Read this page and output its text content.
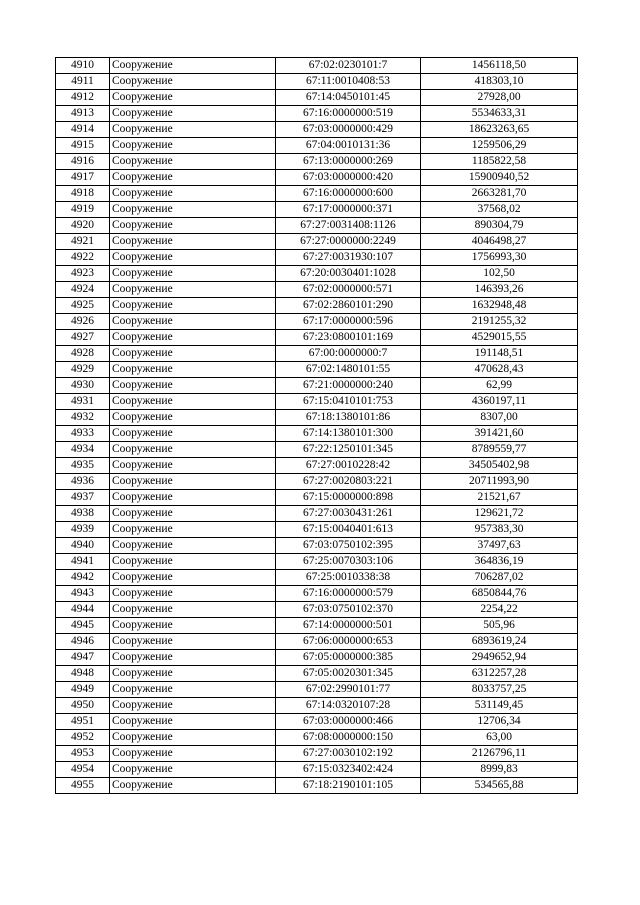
4910	Сооружение	67:02:0230101:7	1456118,50
4911	Сооружение	67:11:0010408:53	418303,10
4912	Сооружение	67:14:0450101:45	27928,00
4913	Сооружение	67:16:0000000:519	5534633,31
4914	Сооружение	67:03:0000000:429	18623263,65
4915	Сооружение	67:04:0010131:36	1259506,29
4916	Сооружение	67:13:0000000:269	1185822,58
4917	Сооружение	67:03:0000000:420	15900940,52
4918	Сооружение	67:16:0000000:600	2663281,70
4919	Сооружение	67:17:0000000:371	37568,02
4920	Сооружение	67:27:0031408:1126	890304,79
4921	Сооружение	67:27:0000000:2249	4046498,27
4922	Сооружение	67:27:0031930:107	1756993,30
4923	Сооружение	67:20:0030401:1028	102,50
4924	Сооружение	67:02:0000000:571	146393,26
4925	Сооружение	67:02:2860101:290	1632948,48
4926	Сооружение	67:17:0000000:596	2191255,32
4927	Сооружение	67:23:0800101:169	4529015,55
4928	Сооружение	67:00:0000000:7	191148,51
4929	Сооружение	67:02:1480101:55	470628,43
4930	Сооружение	67:21:0000000:240	62,99
4931	Сооружение	67:15:0410101:753	4360197,11
4932	Сооружение	67:18:1380101:86	8307,00
4933	Сооружение	67:14:1380101:300	391421,60
4934	Сооружение	67:22:1250101:345	8789559,77
4935	Сооружение	67:27:0010228:42	34505402,98
4936	Сооружение	67:27:0020803:221	20711993,90
4937	Сооружение	67:15:0000000:898	21521,67
4938	Сооружение	67:27:0030431:261	129621,72
4939	Сооружение	67:15:0040401:613	957383,30
4940	Сооружение	67:03:0750102:395	37497,63
4941	Сооружение	67:25:0070303:106	364836,19
4942	Сооружение	67:25:0010338:38	706287,02
4943	Сооружение	67:16:0000000:579	6850844,76
4944	Сооружение	67:03:0750102:370	2254,22
4945	Сооружение	67:14:0000000:501	505,96
4946	Сооружение	67:06:0000000:653	6893619,24
4947	Сооружение	67:05:0000000:385	2949652,94
4948	Сооружение	67:05:0020301:345	6312257,28
4949	Сооружение	67:02:2990101:77	8033757,25
4950	Сооружение	67:14:0320107:28	531149,45
4951	Сооружение	67:03:0000000:466	12706,34
4952	Сооружение	67:08:0000000:150	63,00
4953	Сооружение	67:27:0030102:192	2126796,11
4954	Сооружение	67:15:0323402:424	8999,83
4955	Сооружение	67:18:2190101:105	534565,88
